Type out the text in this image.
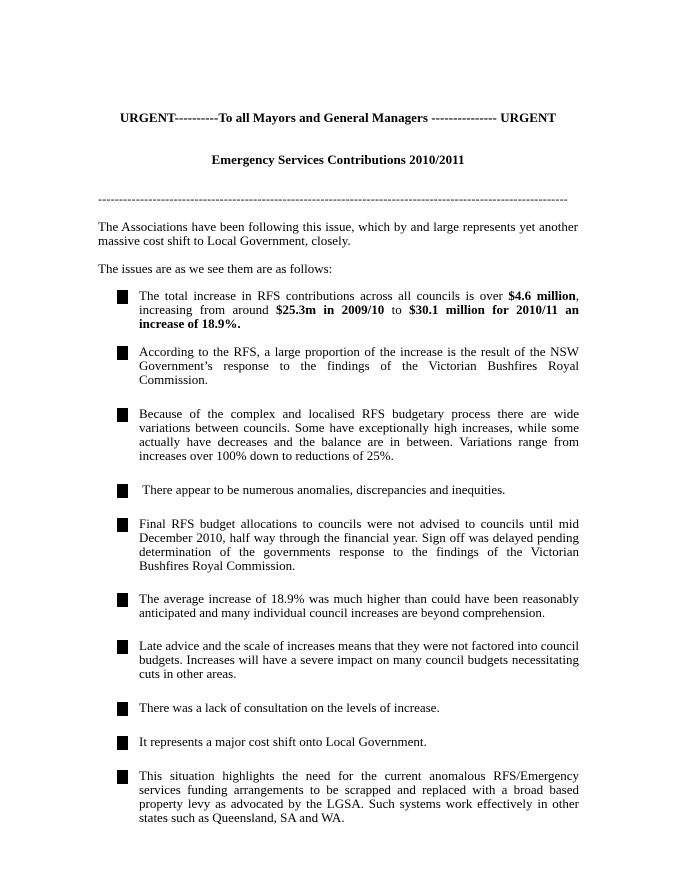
URGENT----------To all Mayors and General Managers --------------- URGENT
Emergency Services Contributions 2010/2011
----------------------------------------------------------------------------------------------------------------
The Associations have been following this issue, which by and large represents yet another massive cost shift to Local Government, closely.
The issues are as we see them are as follows:
The total increase in RFS contributions across all councils is over $4.6 million, increasing from around $25.3m in 2009/10 to $30.1 million for 2010/11 an increase of 18.9%.
According to the RFS, a large proportion of the increase is the result of the NSW Government’s response to the findings of the Victorian Bushfires Royal Commission.
Because of the complex and localised RFS budgetary process there are wide variations between councils. Some have exceptionally high increases, while some actually have decreases and the balance are in between. Variations range from increases over 100% down to reductions of 25%.
There appear to be numerous anomalies, discrepancies and inequities.
Final RFS budget allocations to councils were not advised to councils until mid December 2010, half way through the financial year. Sign off was delayed pending determination of the governments response to the findings of the Victorian Bushfires Royal Commission.
The average increase of 18.9% was much higher than could have been reasonably anticipated and many individual council increases are beyond comprehension.
Late advice and the scale of increases means that they were not factored into council budgets. Increases will have a severe impact on many council budgets necessitating cuts in other areas.
There was a lack of consultation on the levels of increase.
It represents a major cost shift onto Local Government.
This situation highlights the need for the current anomalous RFS/Emergency services funding arrangements to be scrapped and replaced with a broad based property levy as advocated by the LGSA. Such systems work effectively in other states such as Queensland, SA and WA.
